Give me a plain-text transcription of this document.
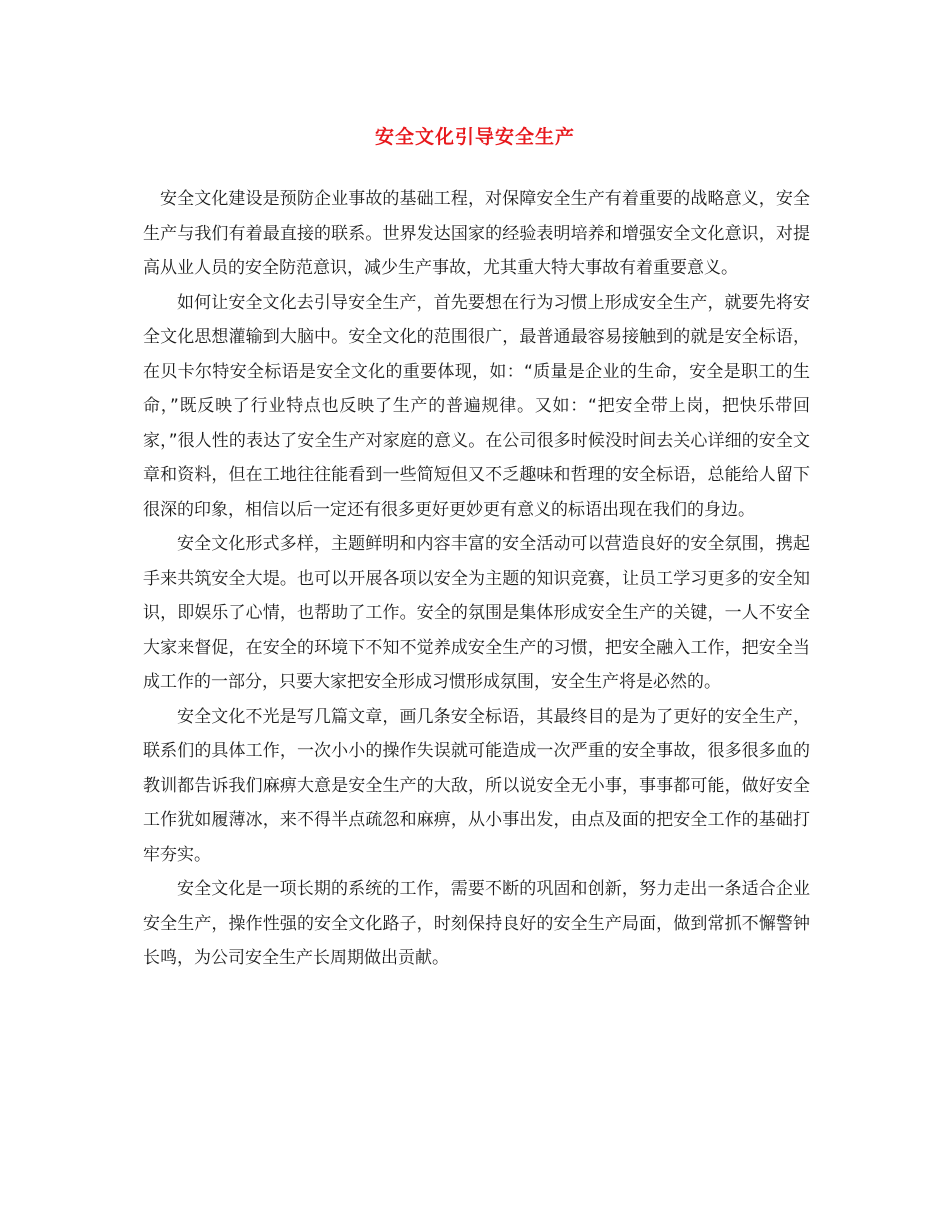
安全文化引导安全生产

安全文化建设是预防企业事故的基础工程，对保障安全生产有着重要的战略意义，安全生产与我们有着最直接的联系。世界发达国家的经验表明培养和增强安全文化意识，对提高从业人员的安全防范意识，减少生产事故，尤其重大特大事故有着重要意义。

如何让安全文化去引导安全生产，首先要想在行为习惯上形成安全生产，就要先将安全文化思想灌输到大脑中。安全文化的范围很广，最普通最容易接触到的就是安全标语，在贝卡尔特安全标语是安全文化的重要体现，如：“质量是企业的生命，安全是职工的生命，”既反映了行业特点也反映了生产的普遍规律。又如：“把安全带上岗，把快乐带回家，”很人性的表达了安全生产对家庭的意义。在公司很多时候没时间去关心详细的安全文章和资料，但在工地往往能看到一些简短但又不乏趣味和哲理的安全标语，总能给人留下很深的印象，相信以后一定还有很多更好更妙更有意义的标语出现在我们的身边。

安全文化形式多样，主题鲜明和内容丰富的安全活动可以营造良好的安全氛围，携起手来共筑安全大堤。也可以开展各项以安全为主题的知识竞赛，让员工学习更多的安全知识，即娱乐了心情，也帮助了工作。安全的氛围是集体形成安全生产的关键，一人不安全大家来督促，在安全的环境下不知不觉养成安全生产的习惯，把安全融入工作，把安全当成工作的一部分，只要大家把安全形成习惯形成氛围，安全生产将是必然的。

安全文化不光是写几篇文章，画几条安全标语，其最终目的是为了更好的安全生产，联系们的具体工作，一次小小的操作失误就可能造成一次严重的安全事故，很多很多血的教训都告诉我们麻痹大意是安全生产的大敌，所以说安全无小事，事事都可能，做好安全工作犹如履薄冰，来不得半点疏忽和麻痹，从小事出发，由点及面的把安全工作的基础打牢夯实。

安全文化是一项长期的系统的工作，需要不断的巩固和创新，努力走出一条适合企业安全生产，操作性强的安全文化路子，时刻保持良好的安全生产局面，做到常抓不懈警钟长鸣，为公司安全生产长周期做出贡献。
